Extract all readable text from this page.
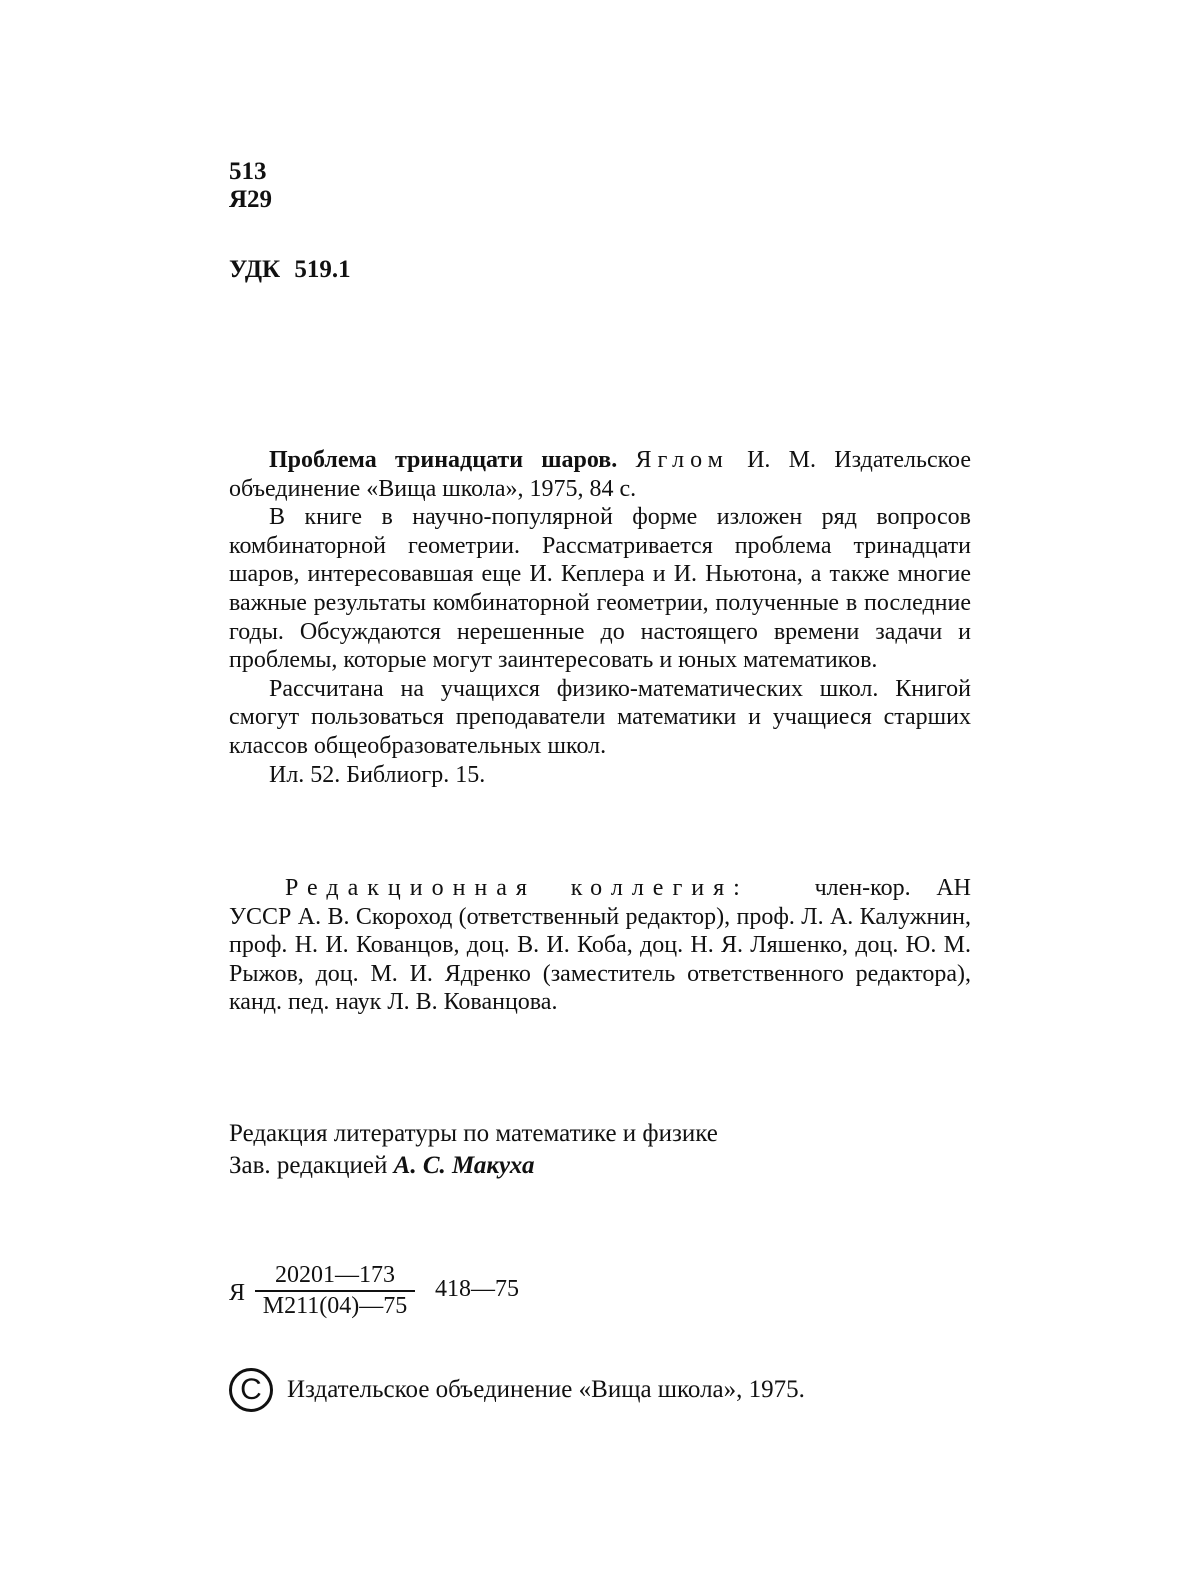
513
Я29
УДК 519.1

Проблема тринадцати шаров. Яглом И. М. Издательское объединение «Вища школа», 1975, 84 с.

В книге в научно-популярной форме изложен ряд вопросов комбинаторной геометрии. Рассматривается проблема тринадцати шаров, интересовавшая еще И. Кеплера и И. Ньютона, а также многие важные результаты комбинаторной геометрии, полученные в последние годы. Обсуждаются нерешенные до настоящего времени задачи и проблемы, которые могут заинтересовать и юных математиков.

Рассчитана на учащихся физико-математических школ. Книгой смогут пользоваться преподаватели математики и учащиеся старших классов общеобразовательных школ.

Ил. 52. Библиогр. 15.

Редакционная коллегия:	член-кор. АН УССР А. В. Скороход (ответственный редактор), проф. Л. А. Калужнин, проф. Н. И. Кованцов, доц. В. И. Коба, доц. Н. Я. Ляшенко, доц. Ю. М. Рыжов, доц. М. И. Ядренко (заместитель ответственного редактора), канд. пед. наук Л. В. Кованцова.

Редакция литературы по математике и физике
Зав. редакцией А. С. Макуха
Я
20201—173
М211(04)—75
418—75
C	Издательское объединение «Вища школа», 1975.
